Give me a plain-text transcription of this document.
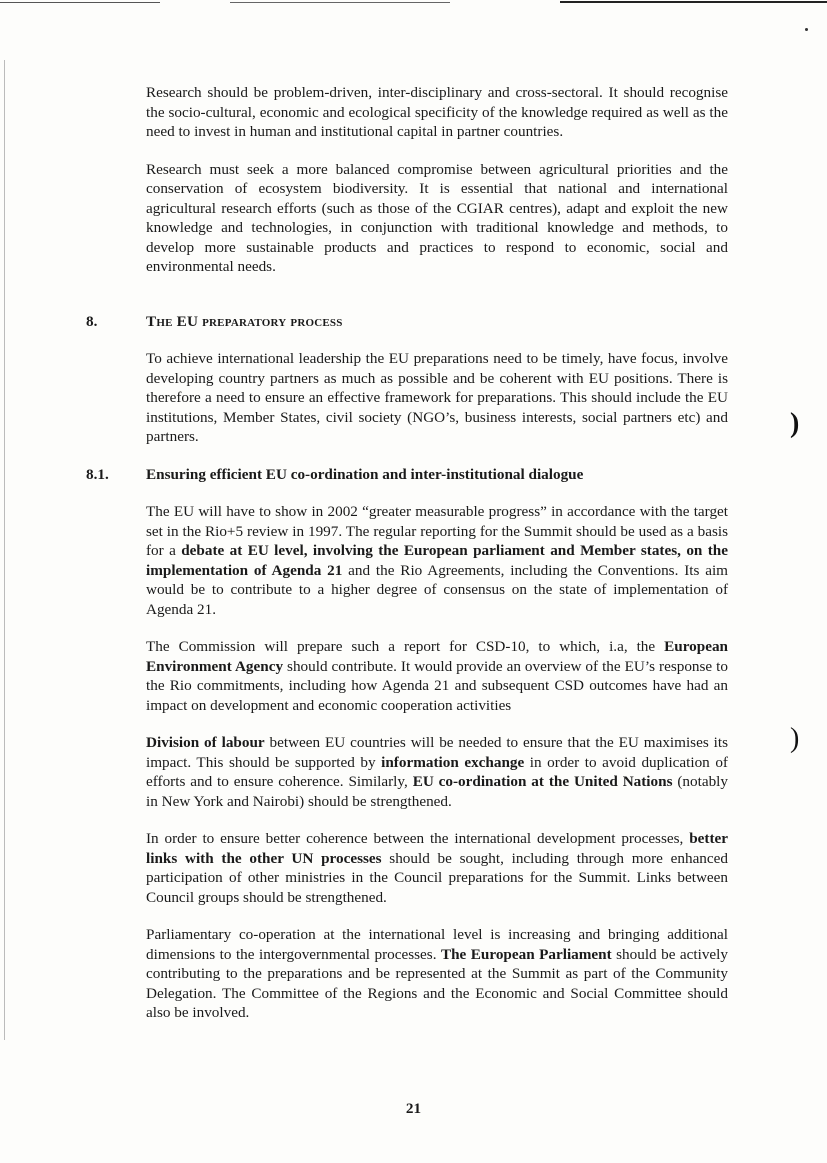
)
)

Research should be problem-driven, inter-disciplinary and cross-sectoral. It should recognise the socio-cultural, economic and ecological specificity of the knowledge required as well as the need to invest in human and institutional capital in partner countries.

Research must seek a more balanced compromise between agricultural priorities and the conservation of ecosystem biodiversity. It is essential that national and international agricultural research efforts (such as those of the CGIAR centres), adapt and exploit the new knowledge and technologies, in conjunction with traditional knowledge and methods, to develop more sustainable products and practices to respond to economic, social and environmental needs.

8.	The EU preparatory process

To achieve international leadership the EU preparations need to be timely, have focus, involve developing country partners as much as possible and be coherent with EU positions. There is therefore a need to ensure an effective framework for preparations. This should include the EU institutions, Member States, civil society (NGO’s, business interests, social partners etc) and partners.

8.1. Ensuring efficient EU co-ordination and inter-institutional dialogue

The EU will have to show in 2002 “greater measurable progress” in accordance with the target set in the Rio+5 review in 1997. The regular reporting for the Summit should be used as a basis for a debate at EU level, involving the European parliament and Member states, on the implementation of Agenda 21 and the Rio Agreements, including the Conventions. Its aim would be to contribute to a higher degree of consensus on the state of implementation of Agenda 21.

The Commission will prepare such a report for CSD-10, to which, i.a, the European Environment Agency should contribute. It would provide an overview of the EU’s response to the Rio commitments, including how Agenda 21 and subsequent CSD outcomes have had an impact on development and economic cooperation activities

Division of labour between EU countries will be needed to ensure that the EU maximises its impact. This should be supported by information exchange in order to avoid duplication of efforts and to ensure coherence. Similarly, EU co-ordination at the United Nations (notably in New York and Nairobi) should be strengthened.

In order to ensure better coherence between the international development processes, better links with the other UN processes should be sought, including through more enhanced participation of other ministries in the Council preparations for the Summit. Links between Council groups should be strengthened.

Parliamentary co-operation at the international level is increasing and bringing additional dimensions to the intergovernmental processes. The European Parliament should be actively contributing to the preparations and be represented at the Summit as part of the Community Delegation. The Committee of the Regions and the Economic and Social Committee should also be involved.

21
